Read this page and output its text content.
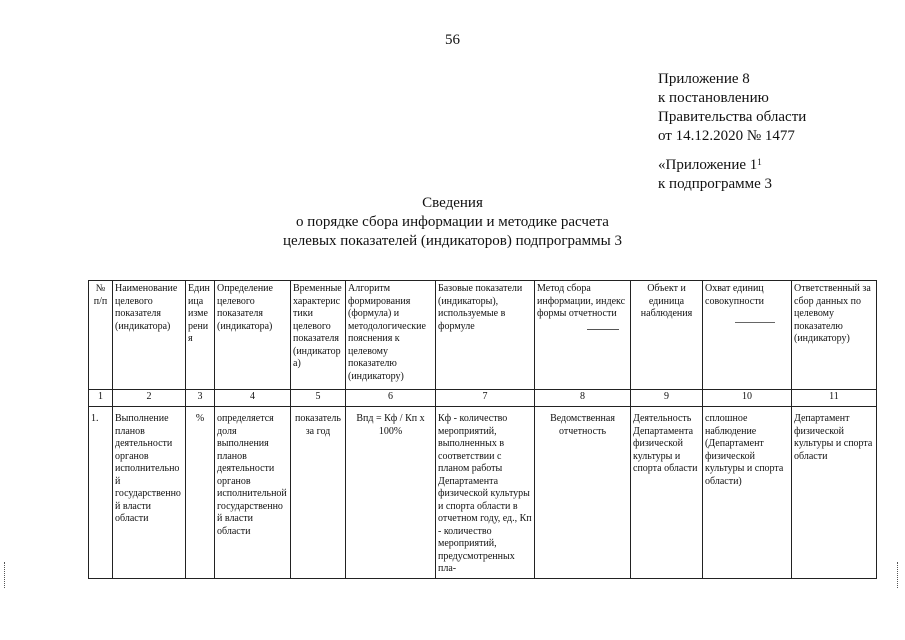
56
Приложение 8
к постановлению
Правительства области
от 14.12.2020 № 1477
«Приложение $1^1$
к подпрограмме 3
Сведения
о порядке сбора информации и методике расчета
целевых показателей (индикаторов) подпрограммы 3
№ п/п	Наименование целевого показателя (индикатора)	Единица измерения	Определение целевого показателя (индикатора)	Временные характеристики целевого показателя (индикатора)	Алгоритм формирования (формула) и методологические пояснения к целевому показателю (индикатору)	Базовые показатели (индикаторы), используемые в формуле	Метод сбора информации, индекс формы отчетности	Объект и единица наблюдения	Охват единиц совокупности	Ответственный за сбор данных по целевому показателю (индикатору)
1	2	3	4	5	6	7	8	9	10	11
1.	Выполнение планов деятельности органов исполнительной государственной власти области	%	определяется доля выполнения планов деятельности органов исполнительной государственной власти области	показатель за год	Впд = Кф / Кп х 100%	Кф - количество мероприятий, выполненных в соответствии с планом работы Департамента физической культуры и спорта области в отчетном году, ед., Кп - количество мероприятий, предусмотренных пла-	Ведомственная отчетность	Деятельность Департамента физической культуры и спорта области	сплошное наблюдение (Департамент физической культуры и спорта области)	Департамент физической культуры и спорта области
